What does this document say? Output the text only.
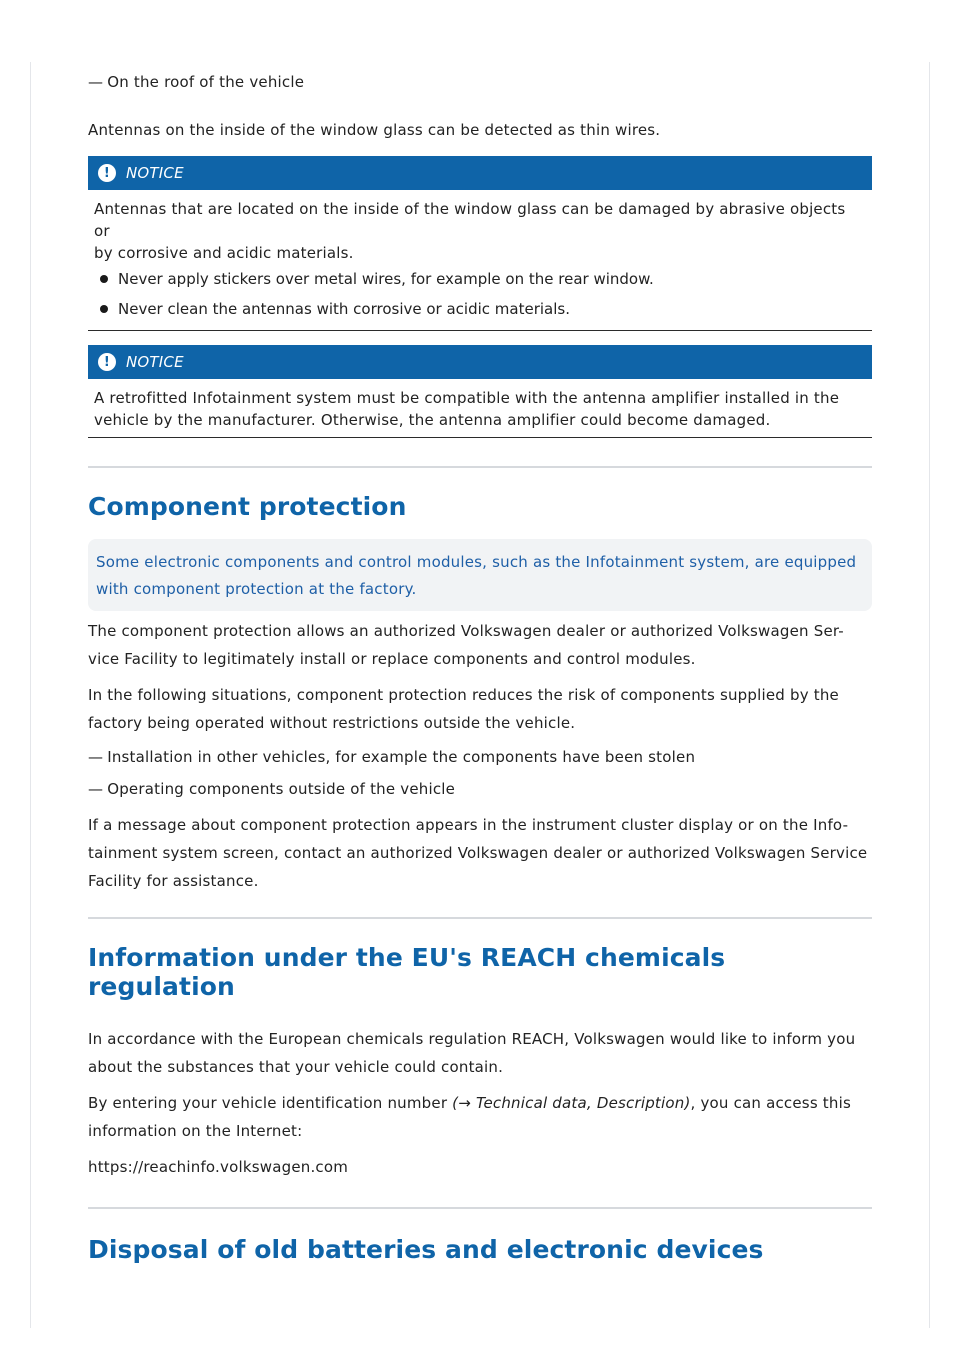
— On the roof of the vehicle

Antennas on the inside of the window glass can be detected as thin wires.

!	NOTICE

Antennas that are located on the inside of the window glass can be damaged by abrasive objects or

by corrosive and acidic materials.

Never apply stickers over metal wires, for example on the rear window.
Never clean the antennas with corrosive or acidic materials.
!	NOTICE

A retrofitted Infotainment system must be compatible with the antenna amplifier installed in the

vehicle by the manufacturer. Otherwise, the antenna amplifier could become damaged.

Component protection

Some electronic components and control modules, such as the Infotainment system, are equipped

with component protection at the factory.

The component protection allows an authorized Volkswagen dealer or authorized Volkswagen Ser-

vice Facility to legitimately install or replace components and control modules.

In the following situations, component protection reduces the risk of components supplied by the

factory being operated without restrictions outside the vehicle.

— Installation in other vehicles, for example the components have been stolen
— Operating components outside of the vehicle

If a message about component protection appears in the instrument cluster display or on the Info-

tainment system screen, contact an authorized Volkswagen dealer or authorized Volkswagen Service

Facility for assistance.

Information under the EU's REACH chemicals regulation

In accordance with the European chemicals regulation REACH, Volkswagen would like to inform you

about the substances that your vehicle could contain.

By entering your vehicle identification number (→ Technical data, Description), you can access this

information on the Internet:

https://reachinfo.volkswagen.com

Disposal of old batteries and electronic devices
